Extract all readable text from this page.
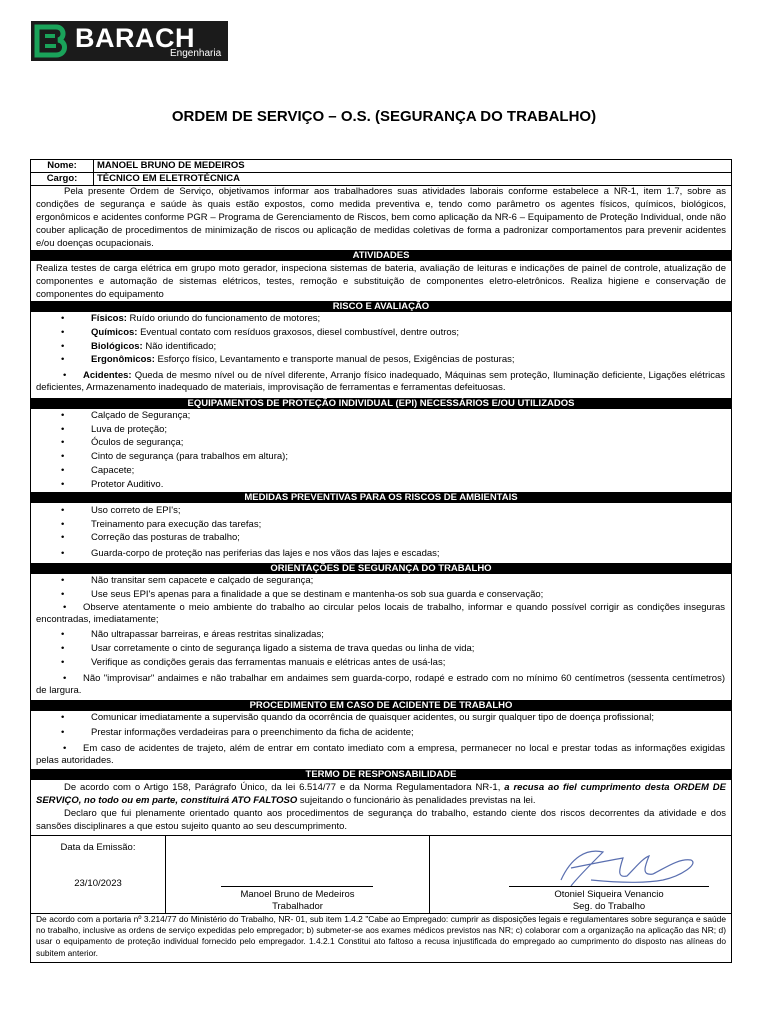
BARACH
Engenharia
ORDEM DE SERVIÇO – O.S. (SEGURANÇA DO TRABALHO)
Nome:	MANOEL BRUNO DE MEDEIROS
Cargo:	TÉCNICO EM ELETROTÉCNICA

Pela presente Ordem de Serviço, objetivamos informar aos trabalhadores suas atividades laborais conforme estabelece a NR-1, item 1.7, sobre as condições de segurança e saúde às quais estão expostos, como medida preventiva e, tendo como parâmetro os agentes físicos, químicos, biológicos, ergonômicos e acidentes conforme PGR – Programa de Gerenciamento de Riscos, bem como aplicação da NR-6 – Equipamento de Proteção Individual, onde não couber aplicação de procedimentos de minimização de riscos ou aplicação de medidas coletivas de forma a padronizar comportamentos para prevenir acidentes e/ou doenças ocupacionais.

ATIVIDADES

Realiza testes de carga elétrica em grupo moto gerador, inspeciona sistemas de bateria, avaliação de leituras e indicações de painel de controle, atualização de componentes e automação de sistemas elétricos, testes, remoção e substituição de componentes eletro-eletrônicos. Realiza higiene e conservação de componentes do equipamento

RISCO E AVALIAÇÃO
• Físicos: Ruído oriundo do funcionamento de motores;
• Químicos: Eventual contato com resíduos graxosos, diesel combustível, dentre outros;
• Biológicos: Não identificado;
• Ergonômicos: Esforço físico, Levantamento e transporte manual de pesos, Exigências de posturas;
• Acidentes: Queda de mesmo nível ou de nível diferente, Arranjo físico inadequado, Máquinas sem proteção, Iluminação deficiente, Ligações elétricas deficientes, Armazenamento inadequado de materiais, improvisação de ferramentas e ferramentas defeituosas.
EQUIPAMENTOS DE PROTEÇÃO INDIVIDUAL (EPI) NECESSÁRIOS E/OU UTILIZADOS
• Calçado de Segurança;
• Luva de proteção;
• Óculos de segurança;
• Cinto de segurança (para trabalhos em altura);
• Capacete;
• Protetor Auditivo.
MEDIDAS PREVENTIVAS PARA OS RISCOS DE AMBIENTAIS
• Uso correto de EPI's;
• Treinamento para execução das tarefas;
• Correção das posturas de trabalho;
• Guarda-corpo de proteção nas periferias das lajes e nos vãos das lajes e escadas;
ORIENTAÇÕES DE SEGURANÇA DO TRABALHO
• Não transitar sem capacete e calçado de segurança;
• Use seus EPI's apenas para a finalidade a que se destinam e mantenha-os sob sua guarda e conservação;
• Observe atentamente o meio ambiente do trabalho ao circular pelos locais de trabalho, informar e quando possível corrigir as condições inseguras encontradas, imediatamente;
• Não ultrapassar barreiras, e áreas restritas sinalizadas;
• Usar corretamente o cinto de segurança ligado a sistema de trava quedas ou linha de vida;
• Verifique as condições gerais das ferramentas manuais e elétricas antes de usá-las;
• Não "improvisar" andaimes e não trabalhar em andaimes sem guarda-corpo, rodapé e estrado com no mínimo 60 centímetros (sessenta centímetros) de largura.
PROCEDIMENTO EM CASO DE ACIDENTE DE TRABALHO
• Comunicar imediatamente a supervisão quando da ocorrência de quaisquer acidentes, ou surgir qualquer tipo de doença profissional;
• Prestar informações verdadeiras para o preenchimento da ficha de acidente;
• Em caso de acidentes de trajeto, além de entrar em contato imediato com a empresa, permanecer no local e prestar todas as informações exigidas pelas autoridades.
TERMO DE RESPONSABILIDADE

De acordo com o Artigo 158, Parágrafo Único, da lei 6.514/77 e da Norma Regulamentadora NR-1, a recusa ao fiel cumprimento desta ORDEM DE SERVIÇO, no todo ou em parte, constituirá ATO FALTOSO sujeitando o funcionário às penalidades previstas na lei.

Declaro que fui plenamente orientado quanto aos procedimentos de segurança do trabalho, estando ciente dos riscos decorrentes da atividade e dos sansões disciplinares a que estou sujeito quanto ao seu descumprimento.

Data da Emissão:
23/10/2023
Manoel Bruno de Medeiros
Trabalhador
Otoniel Siqueira Venancio
Seg. do Trabalho

De acordo com a portaria nº 3.214/77 do Ministério do Trabalho, NR- 01, sub item 1.4.2 "Cabe ao Empregado: cumprir as disposições legais e regulamentares sobre segurança e saúde no trabalho, inclusive as ordens de serviço expedidas pelo empregador; b) submeter-se aos exames médicos previstos nas NR; c) colaborar com a organização na aplicação das NR; d) usar o equipamento de proteção individual fornecido pelo empregador. 1.4.2.1 Constitui ato faltoso a recusa injustificada do empregado ao cumprimento do disposto nas alíneas do subitem anterior.
